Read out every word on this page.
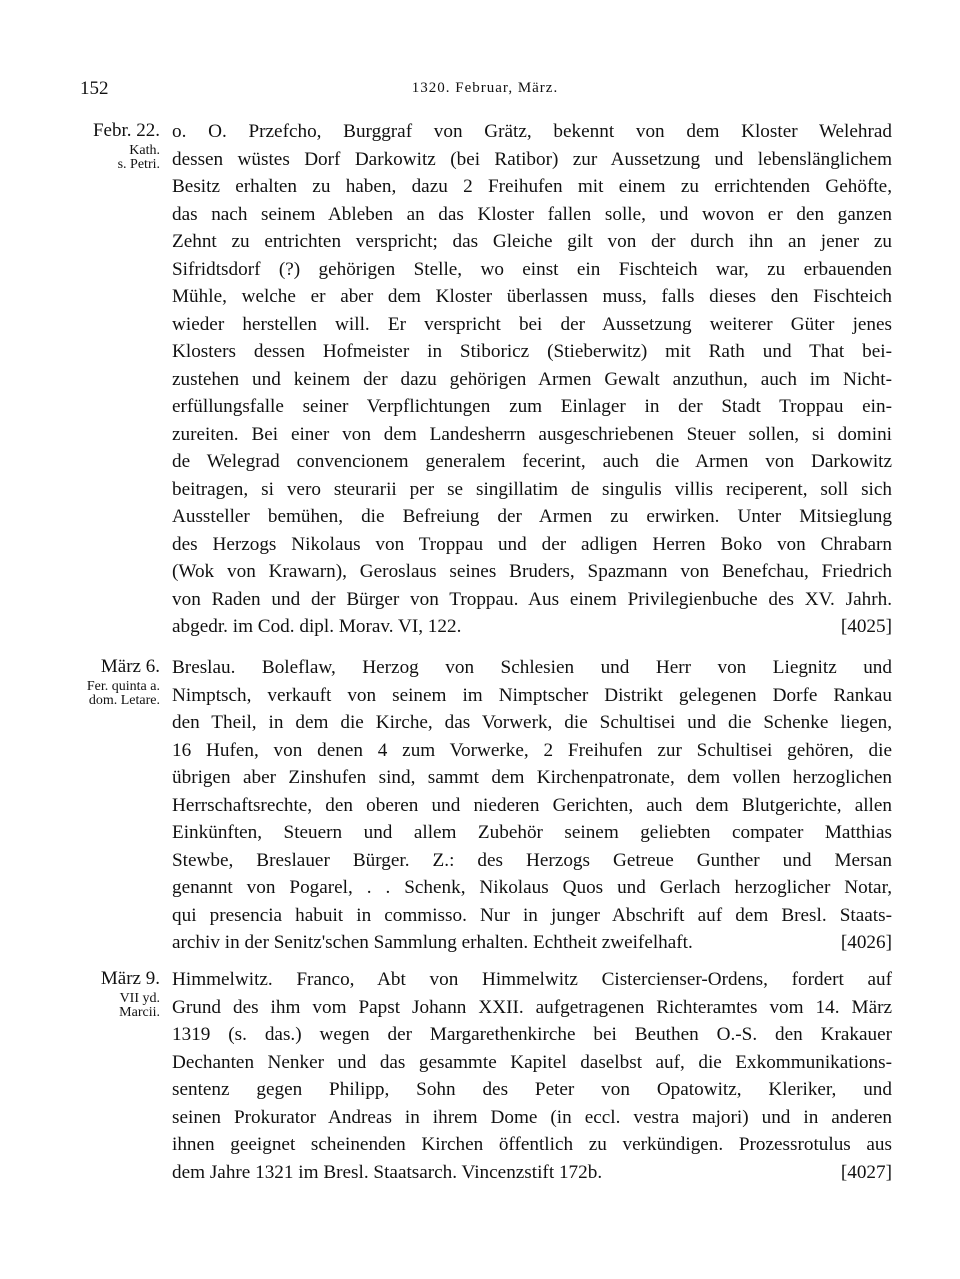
152	1320. Februar, März.
Febr. 22.
Kath.
s. Petri.
o. O. Przefcho, Burggraf von Grätz, bekennt von dem Kloster Welehrad
dessen wüstes Dorf Darkowitz (bei Ratibor) zur Aussetzung und lebenslänglichem
Besitz erhalten zu haben, dazu 2 Freihufen mit einem zu errichtenden Gehöfte,
das nach seinem Ableben an das Kloster fallen solle, und wovon er den ganzen
Zehnt zu entrichten verspricht; das Gleiche gilt von der durch ihn an jener zu
Sifridtsdorf (?) gehörigen Stelle, wo einst ein Fischteich war, zu erbauenden
Mühle, welche er aber dem Kloster überlassen muss, falls dieses den Fischteich
wieder herstellen will. Er verspricht bei der Aussetzung weiterer Güter jenes
Klosters dessen Hofmeister in Stiboricz (Stieberwitz) mit Rath und That bei-
zustehen und keinem der dazu gehörigen Armen Gewalt anzuthun, auch im Nicht-
erfüllungsfalle seiner Verpflichtungen zum Einlager in der Stadt Troppau ein-
zureiten. Bei einer von dem Landesherrn ausgeschriebenen Steuer sollen, si domini
de Welegrad convencionem generalem fecerint, auch die Armen von Darkowitz
beitragen, si vero steurarii per se singillatim de singulis villis reciperent, soll sich
Aussteller bemühen, die Befreiung der Armen zu erwirken. Unter Mitsieglung
des Herzogs Nikolaus von Troppau und der adligen Herren Boko von Chrabarn
(Wok von Krawarn), Geroslaus seines Bruders, Spazmann von Benefchau, Friedrich
von Raden und der Bürger von Troppau. Aus einem Privilegienbuche des XV. Jahrh.
abgedr. im Cod. dipl. Morav. VI, 122.	[4025]
März 6.
Fer. quinta a.
dom. Letare.
Breslau. Boleflaw, Herzog von Schlesien und Herr von Liegnitz und
Nimptsch, verkauft von seinem im Nimptscher Distrikt gelegenen Dorfe Rankau
den Theil, in dem die Kirche, das Vorwerk, die Schultisei und die Schenke liegen,
16 Hufen, von denen 4 zum Vorwerke, 2 Freihufen zur Schultisei gehören, die
übrigen aber Zinshufen sind, sammt dem Kirchenpatronate, dem vollen herzoglichen
Herrschaftsrechte, den oberen und niederen Gerichten, auch dem Blutgerichte, allen
Einkünften, Steuern und allem Zubehör seinem geliebten compater Matthias
Stewbe, Breslauer Bürger. Z.: des Herzogs Getreue Gunther und Mersan
genannt von Pogarel, . . Schenk, Nikolaus Quos und Gerlach herzoglicher Notar,
qui presencia habuit in commisso. Nur in junger Abschrift auf dem Bresl. Staats-
archiv in der Senitz'schen Sammlung erhalten. Echtheit zweifelhaft.	[4026]
März 9.
VII yd.
Marcii.
Himmelwitz. Franco, Abt von Himmelwitz Cistercienser-Ordens, fordert auf
Grund des ihm vom Papst Johann XXII. aufgetragenen Richteramtes vom 14. März
1319 (s. das.) wegen der Margarethenkirche bei Beuthen O.-S. den Krakauer
Dechanten Nenker und das gesammte Kapitel daselbst auf, die Exkommunikations-
sentenz gegen Philipp, Sohn des Peter von Opatowitz, Kleriker, und
seinen Prokurator Andreas in ihrem Dome (in eccl. vestra majori) und in anderen
ihnen geeignet scheinenden Kirchen öffentlich zu verkündigen. Prozessrotulus aus
dem Jahre 1321 im Bresl. Staatsarch. Vincenzstift 172b.	[4027]
